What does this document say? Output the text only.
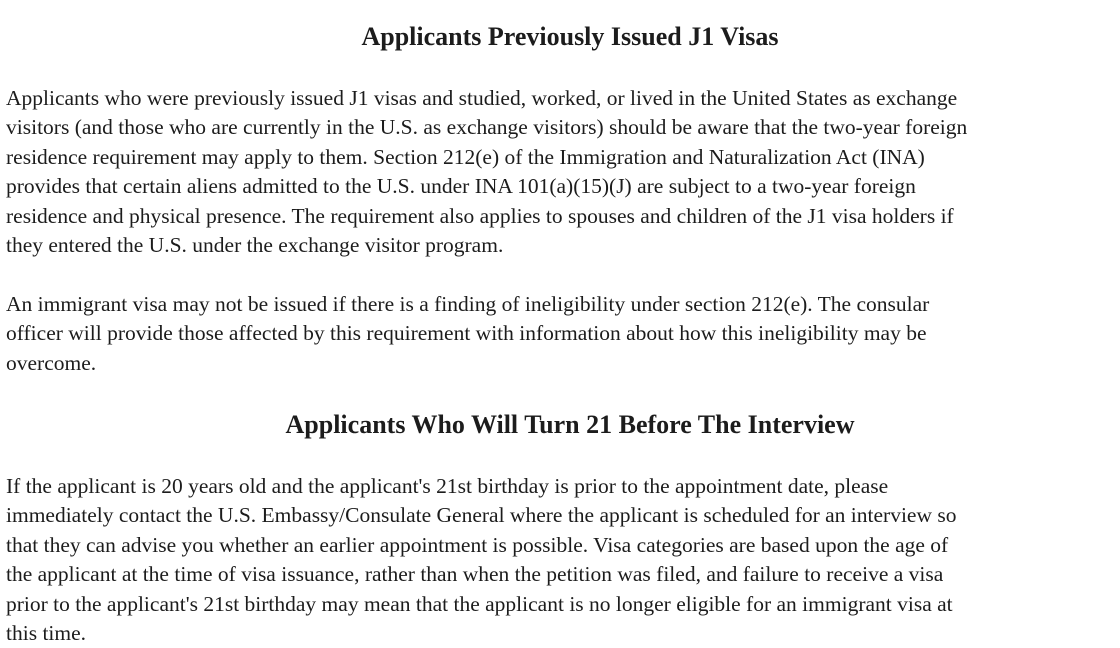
Applicants Previously Issued J1 Visas

Applicants who were previously issued J1 visas and studied, worked, or lived in the United States as exchange
visitors (and those who are currently in the U.S. as exchange visitors) should be aware that the two-year foreign
residence requirement may apply to them. Section 212(e) of the Immigration and Naturalization Act (INA)
provides that certain aliens admitted to the U.S. under INA 101(a)(15)(J) are subject to a two-year foreign
residence and physical presence. The requirement also applies to spouses and children of the J1 visa holders if
they entered the U.S. under the exchange visitor program.

An immigrant visa may not be issued if there is a finding of ineligibility under section 212(e). The consular
officer will provide those affected by this requirement with information about how this ineligibility may be
overcome.

Applicants Who Will Turn 21 Before The Interview

If the applicant is 20 years old and the applicant's 21st birthday is prior to the appointment date, please
immediately contact the U.S. Embassy/Consulate General where the applicant is scheduled for an interview so
that they can advise you whether an earlier appointment is possible. Visa categories are based upon the age of
the applicant at the time of visa issuance, rather than when the petition was filed, and failure to receive a visa
prior to the applicant's 21st birthday may mean that the applicant is no longer eligible for an immigrant visa at
this time.
